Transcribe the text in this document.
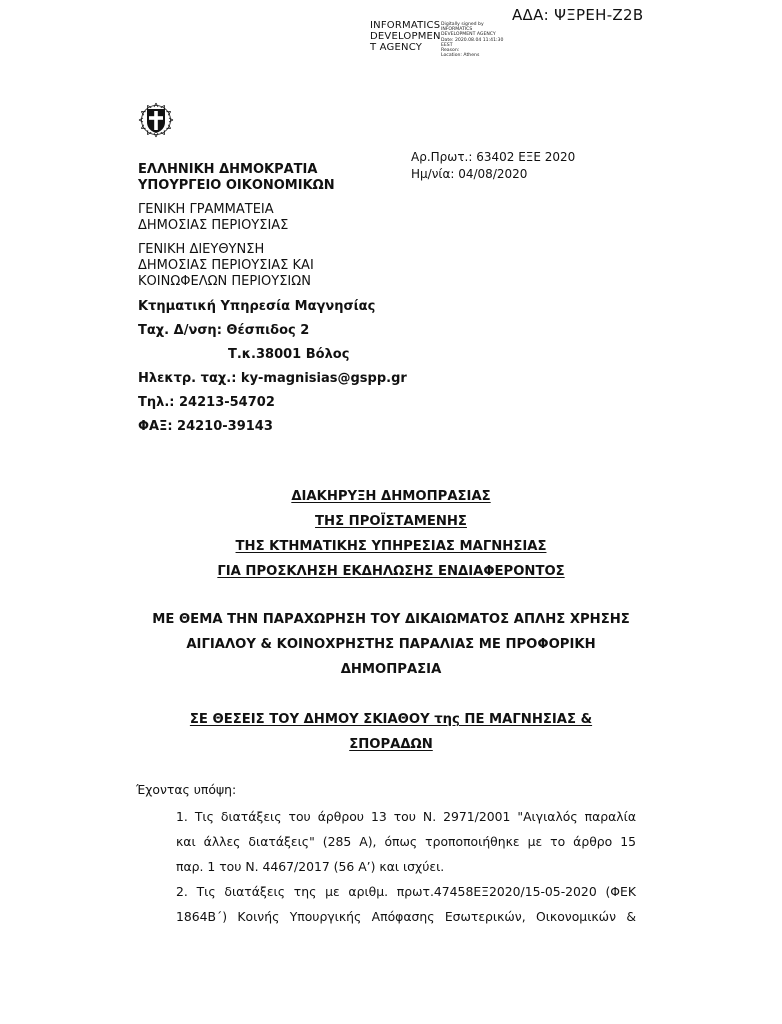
ΑΔΑ: ΨΞΡΕΗ-Ζ2Β
INFORMATICS
DEVELOPMEN
T AGENCY
Digitally signed by
INFORMATICS
DEVELOPMENT AGENCY
Date: 2020.08.04 11:41:30
EEST
Reason:
Location: Athens
ΕΛΛΗΝΙΚΗ ΔΗΜΟΚΡΑΤΙΑ
ΥΠΟΥΡΓΕΙΟ ΟΙΚΟΝΟΜΙΚΩΝ
ΓΕΝΙΚΗ ΓΡΑΜΜΑΤΕΙΑ
ΔΗΜΟΣΙΑΣ ΠΕΡΙΟΥΣΙΑΣ
ΓΕΝΙΚΗ ΔΙΕΥΘΥΝΣΗ
ΔΗΜΟΣΙΑΣ ΠΕΡΙΟΥΣΙΑΣ ΚΑΙ
ΚΟΙΝΩΦΕΛΩΝ ΠΕΡΙΟΥΣΙΩΝ
Κτηματική Υπηρεσία Μαγνησίας
Ταχ. Δ/νση: Θέσπιδος 2
Τ.κ.38001 Βόλος
Ηλεκτρ. ταχ.: ky-magnisias@gspp.gr
Τηλ.: 24213-54702
ΦΑΞ: 24210-39143
Αρ.Πρωτ.: 63402 ΕΞΕ 2020
Ημ/νία: 04/08/2020
ΔΙΑΚΗΡΥΞΗ ΔΗΜΟΠΡΑΣΙΑΣ
ΤΗΣ ΠΡΟΪΣΤΑΜΕΝΗΣ
ΤΗΣ ΚΤΗΜΑΤΙΚΗΣ ΥΠΗΡΕΣΙΑΣ ΜΑΓΝΗΣΙΑΣ
ΓΙΑ ΠΡΟΣΚΛΗΣΗ ΕΚΔΗΛΩΣΗΣ ΕΝΔΙΑΦΕΡΟΝΤΟΣ
ΜΕ ΘΕΜΑ ΤΗΝ ΠΑΡΑΧΩΡΗΣΗ ΤΟΥ ΔΙΚΑΙΩΜΑΤΟΣ ΑΠΛΗΣ ΧΡΗΣΗΣ
ΑΙΓΙΑΛΟΥ & ΚΟΙΝΟΧΡΗΣΤΗΣ ΠΑΡΑΛΙΑΣ ΜΕ ΠΡΟΦΟΡΙΚΗ
ΔΗΜΟΠΡΑΣΙΑ
ΣΕ ΘΕΣΕΙΣ ΤΟΥ ΔΗΜΟΥ ΣΚΙΑΘΟΥ της ΠΕ ΜΑΓΝΗΣΙΑΣ &
ΣΠΟΡΑΔΩΝ
Έχοντας υπόψη:
1. Τις διατάξεις του άρθρου 13 του Ν. 2971/2001 "Αιγιαλός παραλία
και άλλες διατάξεις" (285 Α), όπως τροποποιήθηκε με το άρθρο 15
παρ. 1 του Ν. 4467/2017 (56 Α’) και ισχύει.
2. Τις διατάξεις της με αριθμ. πρωτ.47458ΕΞ2020/15-05-2020 (ΦΕΚ
1864Β΄) Κοινής Υπουργικής Απόφασης Εσωτερικών, Οικονομικών &
